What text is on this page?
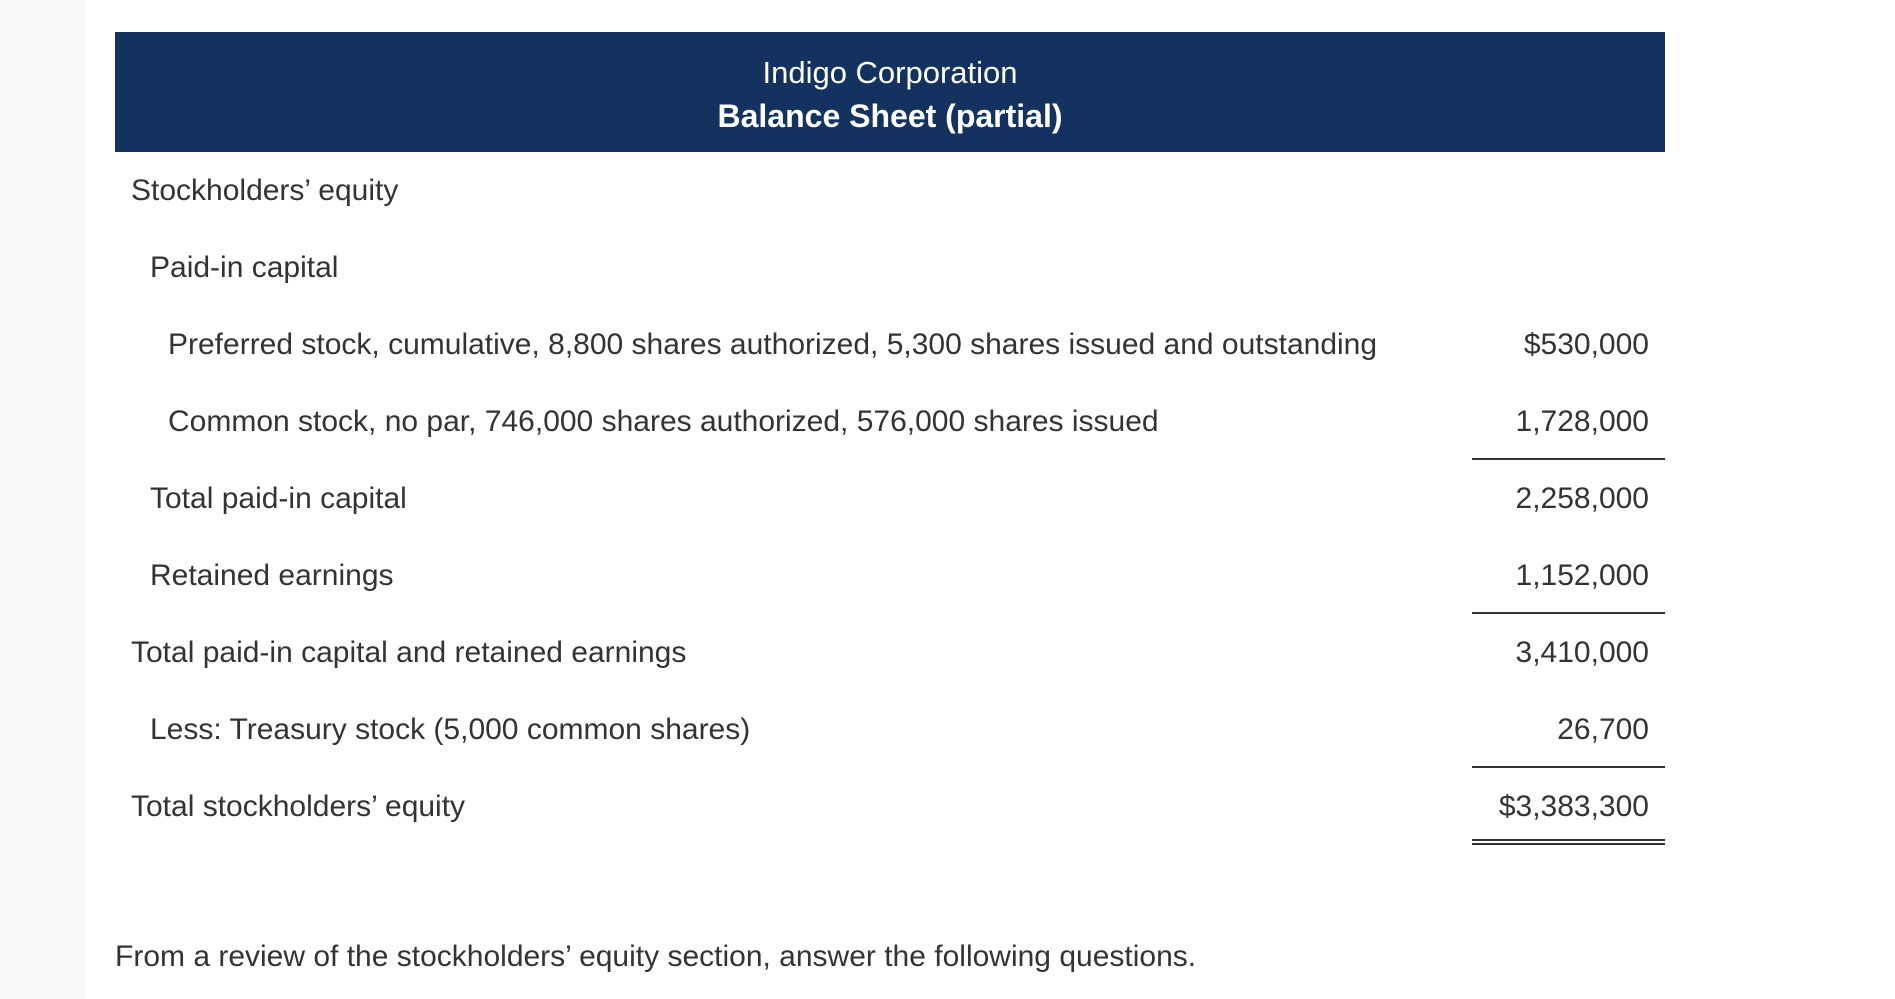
Indigo Corporation
Balance Sheet (partial)
Stockholders’ equity
Paid-in capital
Preferred stock, cumulative, 8,800 shares authorized, 5,300 shares issued and outstanding	$530,000
Common stock, no par, 746,000 shares authorized, 576,000 shares issued	1,728,000
Total paid-in capital	2,258,000
Retained earnings	1,152,000
Total paid-in capital and retained earnings	3,410,000
Less: Treasury stock (5,000 common shares)	26,700
Total stockholders’ equity	$3,383,300
From a review of the stockholders’ equity section, answer the following questions.
